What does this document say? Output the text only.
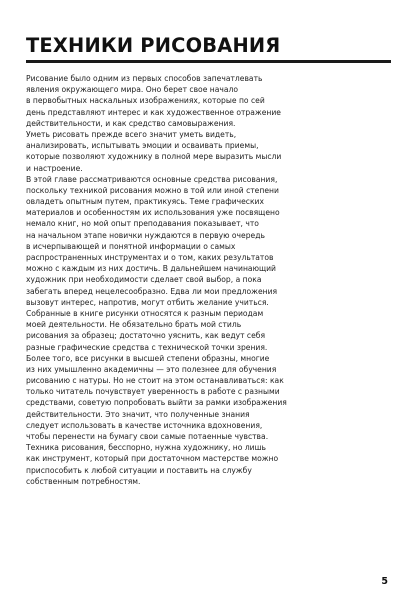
ТЕХНИКИ РИСОВАНИЯ
Рисование было одним из первых способов запечатлевать
явления окружающего мира. Оно берет свое начало
в первобытных наскальных изображениях, которые по сей
день представляют интерес и как художественное отражение
действительности, и как средство самовыражения.
Уметь рисовать прежде всего значит уметь видеть,
анализировать, испытывать эмоции и осваивать приемы,
которые позволяют художнику в полной мере выразить мысли
и настроение.
В этой главе рассматриваются основные средства рисования,
поскольку техникой рисования можно в той или иной степени
овладеть опытным путем, практикуясь. Теме графических
материалов и особенностям их использования уже посвящено
немало книг, но мой опыт преподавания показывает, что
на начальном этапе новички нуждаются в первую очередь
в исчерпывающей и понятной информации о самых
распространенных инструментах и о том, каких результатов
можно с каждым из них достичь. В дальнейшем начинающий
художник при необходимости сделает свой выбор, а пока
забегать вперед нецелесообразно. Едва ли мои предложения
вызовут интерес, напротив, могут отбить желание учиться.
Собранные в книге рисунки относятся к разным периодам
моей деятельности. Не обязательно брать мой стиль
рисования за образец; достаточно уяснить, как ведут себя
разные графические средства с технической точки зрения.
Более того, все рисунки в высшей степени образны, многие
из них умышленно академичны — это полезнее для обучения
рисованию с натуры. Но не стоит на этом останавливаться: как
только читатель почувствует уверенность в работе с разными
средствами, советую попробовать выйти за рамки изображения
действительности. Это значит, что полученные знания
следует использовать в качестве источника вдохновения,
чтобы перенести на бумагу свои самые потаенные чувства.
Техника рисования, бесспорно, нужна художнику, но лишь
как инструмент, который при достаточном мастерстве можно
приспособить к любой ситуации и поставить на службу
собственным потребностям.

5
